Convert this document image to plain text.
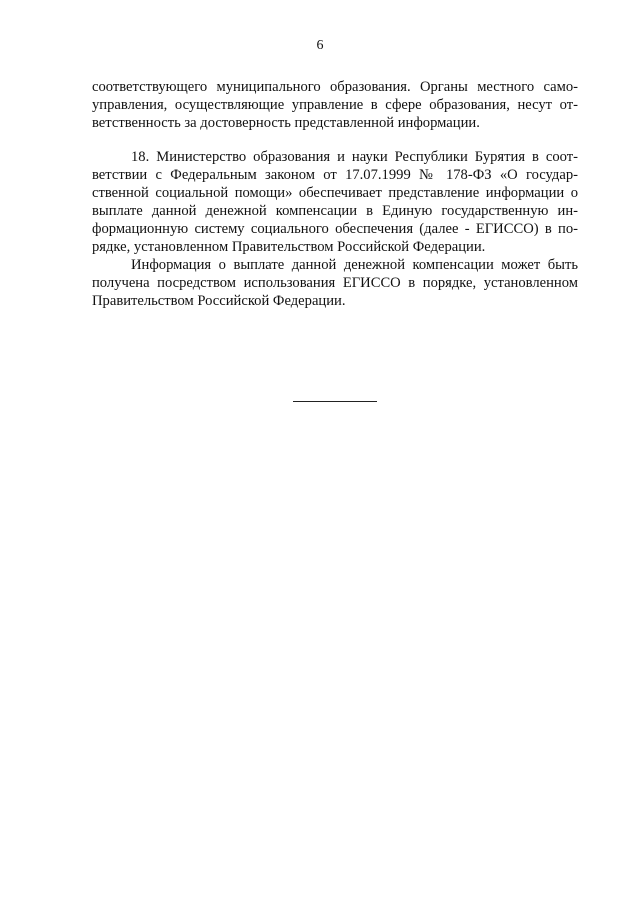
6
соответствующего муниципального образования. Органы местного само-
управления, осуществляющие управление в сфере образования, несут от-
ветственность за достоверность представленной информации.
18. Министерство образования и науки Республики Бурятия в соот-
ветствии с Федеральным законом от 17.07.1999 № 178-ФЗ «О государ-
ственной социальной помощи» обеспечивает представление информации о
выплате данной денежной компенсации в Единую государственную ин-
формационную систему социального обеспечения (далее - ЕГИССО) в по-
рядке, установленном Правительством Российской Федерации.
Информация о выплате данной денежной компенсации может быть
получена посредством использования ЕГИССО в порядке, установленном
Правительством Российской Федерации.
